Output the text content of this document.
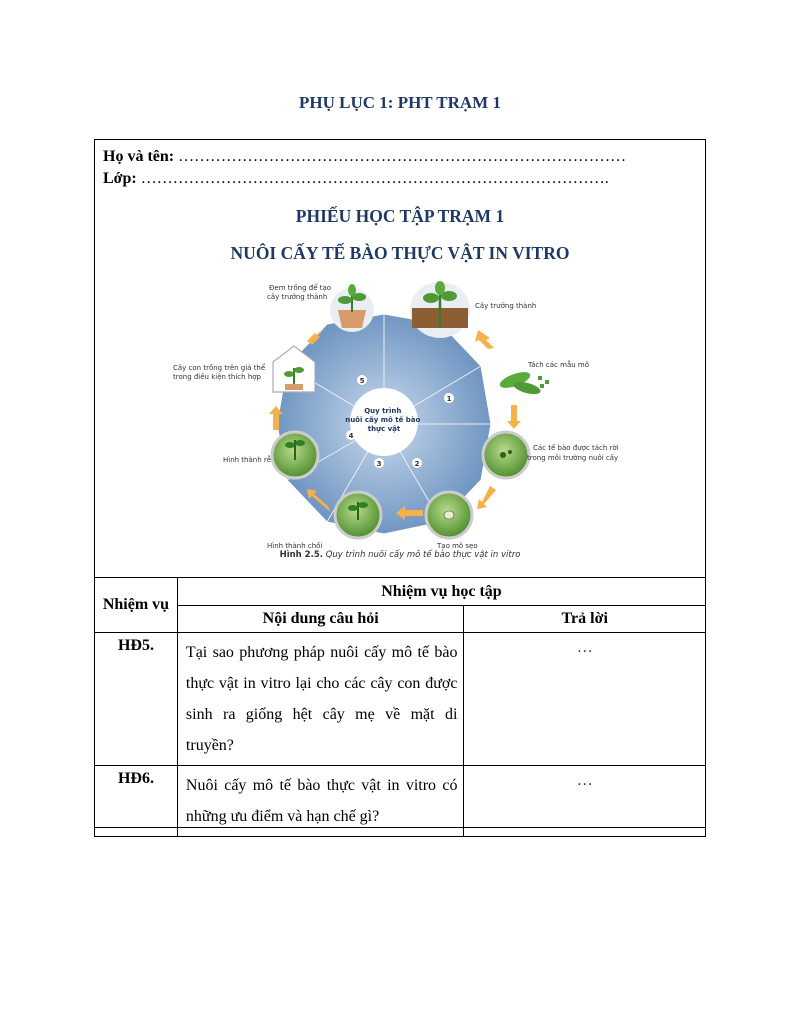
PHỤ LỤC 1: PHT TRẠM 1
Họ và tên: …………………………………………………………………………
Lớp: …………………………………………………………………………….
PHIẾU HỌC TẬP TRẠM 1
NUÔI CẤY TẾ BÀO THỰC VẬT IN VITRO
Quy trình nuôi cấy mô tế bào thực vật
1
2
3
4
5
Cây trưởng thành
Tách các mẫu mô
Các tế bào được tách rời
trong môi trường nuôi cấy
Tạo mô sẹo
Hình thành chồi
Hình thành rễ
Cây con trồng trên giá thể
trong điều kiện thích hợp
Đem trồng để tạo
cây trưởng thành
Hình 2.5. Quy trình nuôi cấy mô tế bào thực vật in vitro
Nhiệm vụ	Nhiệm vụ học tập	
	Nội dung câu hỏi	Trả lời
HĐ5.	Tại sao phương pháp nuôi cấy mô tế bào thực vật in vitro lại cho các cây con được sinh ra giống hệt cây mẹ về mặt di truyền?	…
HĐ6.	Nuôi cấy mô tế bào thực vật in vitro có những ưu điểm và hạn chế gì?	…
